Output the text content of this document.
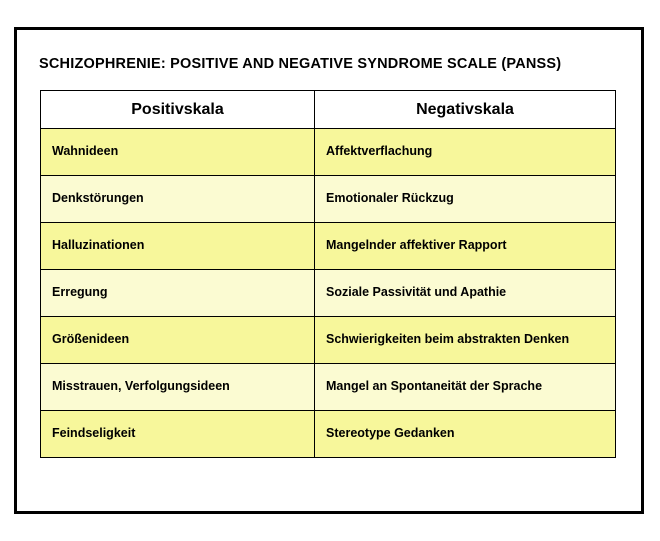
SCHIZOPHRENIE: POSITIVE AND NEGATIVE SYNDROME SCALE (PANSS)
Positivskala	Negativskala
Wahnideen	Affektverflachung
Denkstörungen	Emotionaler Rückzug
Halluzinationen	Mangelnder affektiver Rapport
Erregung	Soziale Passivität und Apathie
Größenideen	Schwierigkeiten beim abstrakten Denken
Misstrauen, Verfolgungsideen	Mangel an Spontaneität der Sprache
Feindseligkeit	Stereotype Gedanken
